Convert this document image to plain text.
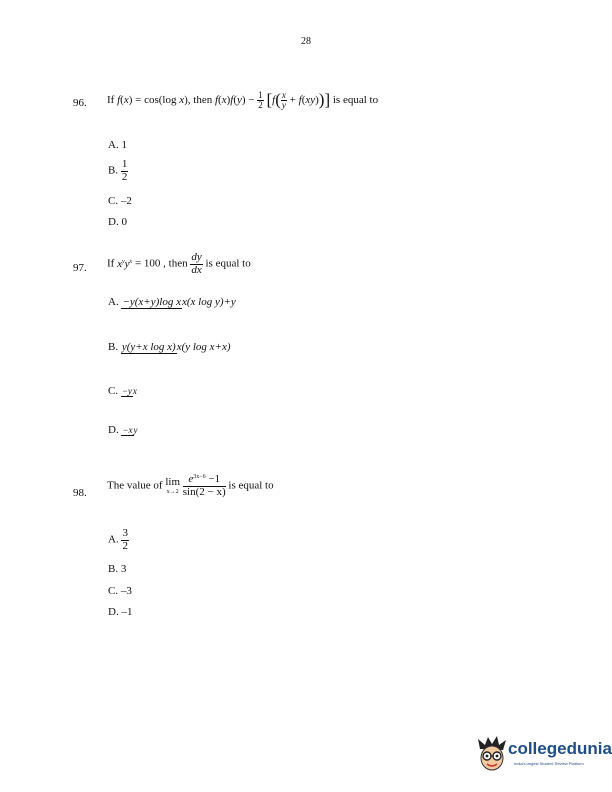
28
96. If f(x) = cos(log x), then $f(x)f(y) - \frac{1}{2} [f( \frac{x}{y} + f(xy))]$ is equal to
A. 1
B. $\frac{1}{2}$
C. –2
D. 0
97. If $x^yy^x = 100$ , then $\frac{dy}{dx}$ is equal to
A. −y(x+y)log xx(x log y)+y
B. y(y+x log x)x(y log x+x)
C. −yx
D. −xy
98.
The value of lim
x→2
$\frac{e^{3x-6} -1}{\sin(2 - x)}$ is equal to
A. $\frac{3}{2}$
B. 3
C. –3
D. –1
collegedunia
India's largest Student Review Platform
